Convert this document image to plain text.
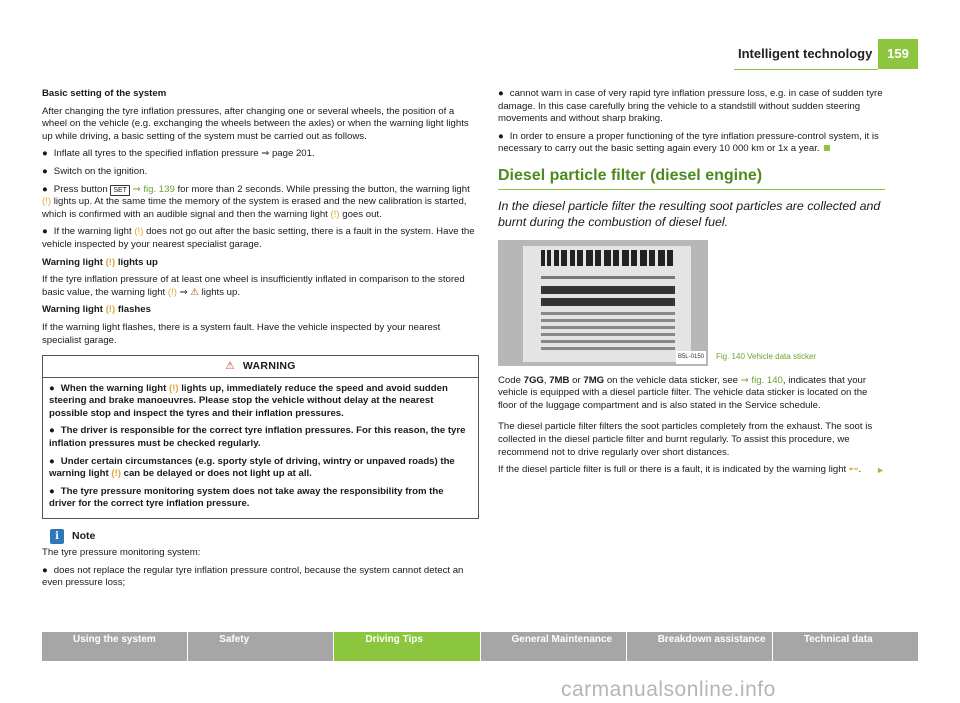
Intelligent technology	159

Basic setting of the system

After changing the tyre inflation pressures, after changing one or several wheels, the position of a wheel on the vehicle (e.g. exchanging the wheels between the axles) or when the warning light lights up while driving, a basic setting of the system must be carried out as follows.

● Inflate all tyres to the specified inflation pressure ⇒ page 201.

● Switch on the ignition.

● Press button SET ⇒ fig. 139 for more than 2 seconds. While pressing the button, the warning light (!) lights up. At the same time the memory of the system is erased and the new calibration is started, which is confirmed with an audible signal and then the warning light (!) goes out.

● If the warning light (!) does not go out after the basic setting, there is a fault in the system. Have the vehicle inspected by your nearest specialist garage.

Warning light (!) lights up

If the tyre inflation pressure of at least one wheel is insufficiently inflated in comparison to the stored basic value, the warning light (!) ⇒ ⚠ lights up.

Warning light (!) flashes

If the warning light flashes, there is a system fault. Have the vehicle inspected by your nearest specialist garage.

⚠ WARNING

● When the warning light (!) lights up, immediately reduce the speed and avoid sudden steering and brake manoeuvres. Please stop the vehicle without delay at the nearest possible stop and inspect the tyres and their inflation pressures.

● The driver is responsible for the correct tyre inflation pressures. For this reason, the tyre inflation pressures must be checked regularly.

● Under certain circumstances (e.g. sporty style of driving, wintry or unpaved roads) the warning light (!) can be delayed or does not light up at all.

● The tyre pressure monitoring system does not take away the responsibility from the driver for the correct tyre inflation pressure.

i	Note

The tyre pressure monitoring system:

● does not replace the regular tyre inflation pressure control, because the system cannot detect an even pressure loss;

● cannot warn in case of very rapid tyre inflation pressure loss, e.g. in case of sudden tyre damage. In this case carefully bring the vehicle to a standstill without sudden steering movements and without sharp braking.

● In order to ensure a proper functioning of the tyre inflation pressure-control system, it is necessary to carry out the basic setting again every 10 000 km or 1x a year.

Diesel particle filter (diesel engine)
In the diesel particle filter the resulting soot particles are collected and burnt during the combustion of diesel fuel.
B5L-0150 Fig. 140 Vehicle data sticker

Code 7GG, 7MB or 7MG on the vehicle data sticker, see ⇒ fig. 140, indicates that your vehicle is equipped with a diesel particle filter. The vehicle data sticker is located on the floor of the luggage compartment and is also stated in the Service schedule.

The diesel particle filter filters the soot particles completely from the exhaust. The soot is collected in the diesel particle filter and burnt regularly. To assist this procedure, we recommend not to drive regularly over short distances.

If the diesel particle filter is full or there is a fault, it is indicated by the warning light ⊷. ►

Using the system	Safety	Driving Tips	General Maintenance	Breakdown assistance	Technical data
carmanualsonline.info
